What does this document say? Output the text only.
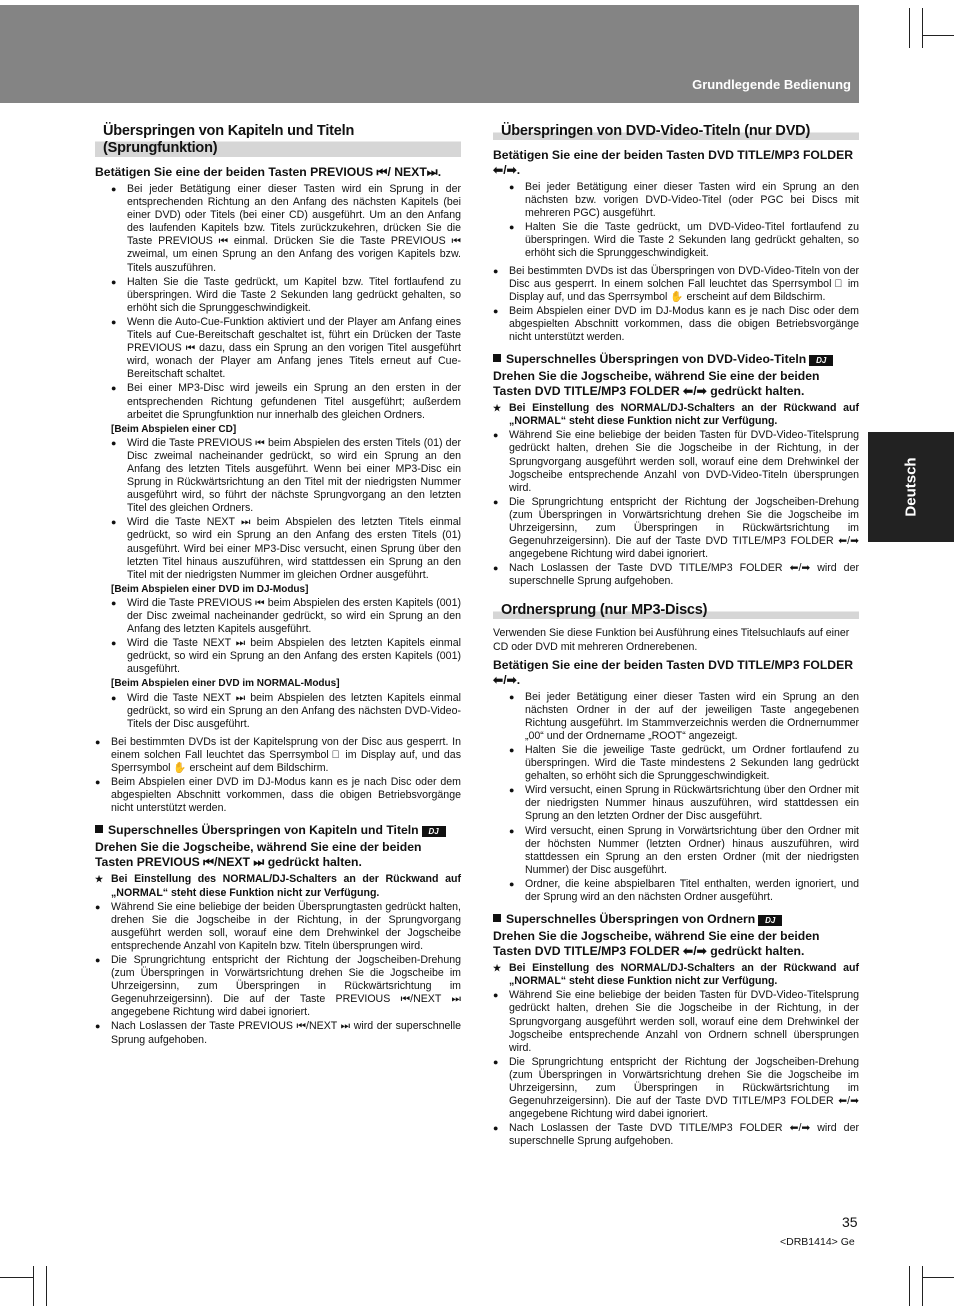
Grundlegende Bedienung
Deutsch
Überspringen von Kapiteln und Titeln (Sprungfunktion)
Betätigen Sie eine der beiden Tasten PREVIOUS ⏮/ NEXT⏭.
● Bei jeder Betätigung einer dieser Tasten wird ein Sprung in der entsprechenden Richtung an den Anfang des nächsten Kapitels (bei einer DVD) oder Titels (bei einer CD) ausgeführt. Um an den Anfang des laufenden Kapitels bzw. Titels zurückzukehren, drücken Sie die Taste PREVIOUS ⏮ einmal. Drücken Sie die Taste PREVIOUS ⏮ zweimal, um einen Sprung an den Anfang des vorigen Kapitels bzw. Titels auszuführen.
● Halten Sie die Taste gedrückt, um Kapitel bzw. Titel fortlaufend zu überspringen. Wird die Taste 2 Sekunden lang gedrückt gehalten, so erhöht sich die Sprunggeschwindigkeit.
● Wenn die Auto-Cue-Funktion aktiviert und der Player am Anfang eines Titels auf Cue-Bereitschaft geschaltet ist, führt ein Drücken der Taste PREVIOUS ⏮ dazu, dass ein Sprung an den vorigen Titel ausgeführt wird, wonach der Player am Anfang jenes Titels erneut auf Cue-Bereitschaft schaltet.
● Bei einer MP3-Disc wird jeweils ein Sprung an den ersten in der entsprechenden Richtung gefundenen Titel ausgeführt; außerdem arbeitet die Sprungfunktion nur innerhalb des gleichen Ordners.
[Beim Abspielen einer CD]
● Wird die Taste PREVIOUS ⏮ beim Abspielen des ersten Titels (01) der Disc zweimal nacheinander gedrückt, so wird ein Sprung an den Anfang des letzten Titels ausgeführt. Wenn bei einer MP3-Disc ein Sprung in Rückwärtsrichtung an den Titel mit der niedrigsten Nummer ausgeführt wird, so führt der nächste Sprungvorgang an den letzten Titel des gleichen Ordners.
● Wird die Taste NEXT ⏭ beim Abspielen des letzten Titels einmal gedrückt, so wird ein Sprung an den Anfang des ersten Titels (01) ausgeführt. Wird bei einer MP3-Disc versucht, einen Sprung über den letzten Titel hinaus auszuführen, wird stattdessen ein Sprung an den Titel mit der niedrigsten Nummer im gleichen Ordner ausgeführt.
[Beim Abspielen einer DVD im DJ-Modus]
● Wird die Taste PREVIOUS ⏮ beim Abspielen des ersten Kapitels (001) der Disc zweimal nacheinander gedrückt, so wird ein Sprung an den Anfang des letzten Kapitels ausgeführt.
● Wird die Taste NEXT ⏭ beim Abspielen des letzten Kapitels einmal gedrückt, so wird ein Sprung an den Anfang des ersten Kapitels (001) ausgeführt.
[Beim Abspielen einer DVD im NORMAL-Modus]
● Wird die Taste NEXT ⏭ beim Abspielen des letzten Kapitels einmal gedrückt, so wird ein Sprung an den Anfang des nächsten DVD-Video-Titels der Disc ausgeführt.
● Bei bestimmten DVDs ist der Kapitelsprung von der Disc aus gesperrt. In einem solchen Fall leuchtet das Sperrsymbol ⃠ im Display auf, und das Sperrsymbol ✋ erscheint auf dem Bildschirm.
● Beim Abspielen einer DVD im DJ-Modus kann es je nach Disc oder dem abgespielten Abschnitt vorkommen, dass die obigen Betriebsvorgänge nicht unterstützt werden.
Superschnelles Überspringen von Kapiteln und Titeln DJ
Drehen Sie die Jogscheibe, während Sie eine der beiden Tasten PREVIOUS ⏮/NEXT ⏭ gedrückt halten.
★ Bei Einstellung des NORMAL/DJ-Schalters an der Rückwand auf „NORMAL“ steht diese Funktion nicht zur Verfügung.
● Während Sie eine beliebige der beiden Übersprungtasten gedrückt halten, drehen Sie die Jogscheibe in der Richtung, in der Sprungvorgang ausgeführt werden soll, worauf eine dem Drehwinkel der Jogscheibe entsprechende Anzahl von Kapiteln bzw. Titeln übersprungen wird.
● Die Sprungrichtung entspricht der Richtung der Jogscheiben-Drehung (zum Überspringen in Vorwärtsrichtung drehen Sie die Jogscheibe im Uhrzeigersinn, zum Überspringen in Rückwärtsrichtung im Gegenuhrzeigersinn). Die auf der Taste PREVIOUS ⏮/NEXT ⏭ angegebene Richtung wird dabei ignoriert.
● Nach Loslassen der Taste PREVIOUS ⏮/NEXT ⏭ wird der superschnelle Sprung aufgehoben.
Überspringen von DVD-Video-Titeln (nur DVD)
Betätigen Sie eine der beiden Tasten DVD TITLE/MP3 FOLDER ⬅/➡.
● Bei jeder Betätigung einer dieser Tasten wird ein Sprung an den nächsten bzw. vorigen DVD-Video-Titel (oder PGC bei Discs mit mehreren PGC) ausgeführt.
● Halten Sie die Taste gedrückt, um DVD-Video-Titel fortlaufend zu überspringen. Wird die Taste 2 Sekunden lang gedrückt gehalten, so erhöht sich die Sprunggeschwindigkeit.
● Bei bestimmten DVDs ist das Überspringen von DVD-Video-Titeln von der Disc aus gesperrt. In einem solchen Fall leuchtet das Sperrsymbol ⃠ im Display auf, und das Sperrsymbol ✋ erscheint auf dem Bildschirm.
● Beim Abspielen einer DVD im DJ-Modus kann es je nach Disc oder dem abgespielten Abschnitt vorkommen, dass die obigen Betriebsvorgänge nicht unterstützt werden.
Superschnelles Überspringen von DVD-Video-Titeln DJ
Drehen Sie die Jogscheibe, während Sie eine der beiden Tasten DVD TITLE/MP3 FOLDER ⬅/➡ gedrückt halten.
★ Bei Einstellung des NORMAL/DJ-Schalters an der Rückwand auf „NORMAL“ steht diese Funktion nicht zur Verfügung.
● Während Sie eine beliebige der beiden Tasten für DVD-Video-Titelsprung gedrückt halten, drehen Sie die Jogscheibe in der Richtung, in der Sprungvorgang ausgeführt werden soll, worauf eine dem Drehwinkel der Jogscheibe entsprechende Anzahl von DVD-Video-Titeln übersprungen wird.
● Die Sprungrichtung entspricht der Richtung der Jogscheiben-Drehung (zum Überspringen in Vorwärtsrichtung drehen Sie die Jogscheibe im Uhrzeigersinn, zum Überspringen in Rückwärtsrichtung im Gegenuhrzeigersinn). Die auf der Taste DVD TITLE/MP3 FOLDER ⬅/➡ angegebene Richtung wird dabei ignoriert.
● Nach Loslassen der Taste DVD TITLE/MP3 FOLDER ⬅/➡ wird der superschnelle Sprung aufgehoben.
Ordnersprung (nur MP3-Discs)
Verwenden Sie diese Funktion bei Ausführung eines Titelsuchlaufs auf einer CD oder DVD mit mehreren Ordnerebenen.
Betätigen Sie eine der beiden Tasten DVD TITLE/MP3 FOLDER ⬅/➡.
● Bei jeder Betätigung einer dieser Tasten wird ein Sprung an den nächsten Ordner in der auf der jeweiligen Taste angegebenen Richtung ausgeführt. Im Stammverzeichnis werden die Ordnernummer „00“ und der Ordnername „ROOT“ angezeigt.
● Halten Sie die jeweilige Taste gedrückt, um Ordner fortlaufend zu überspringen. Wird die Taste mindestens 2 Sekunden lang gedrückt gehalten, so erhöht sich die Sprunggeschwindigkeit.
● Wird versucht, einen Sprung in Rückwärtsrichtung über den Ordner mit der niedrigsten Nummer hinaus auszuführen, wird stattdessen ein Sprung an den letzten Ordner der Disc ausgeführt.
● Wird versucht, einen Sprung in Vorwärtsrichtung über den Ordner mit der höchsten Nummer (letzten Ordner) hinaus auszuführen, wird stattdessen ein Sprung an den ersten Ordner (mit der niedrigsten Nummer) der Disc ausgeführt.
● Ordner, die keine abspielbaren Titel enthalten, werden ignoriert, und der Sprung wird an den nächsten Ordner ausgeführt.
Superschnelles Überspringen von Ordnern DJ
Drehen Sie die Jogscheibe, während Sie eine der beiden Tasten DVD TITLE/MP3 FOLDER ⬅/➡ gedrückt halten.
★ Bei Einstellung des NORMAL/DJ-Schalters an der Rückwand auf „NORMAL“ steht diese Funktion nicht zur Verfügung.
● Während Sie eine beliebige der beiden Tasten für DVD-Video-Titelsprung gedrückt halten, drehen Sie die Jogscheibe in der Richtung, in der Sprungvorgang ausgeführt werden soll, worauf eine dem Drehwinkel der Jogscheibe entsprechende Anzahl von Ordnern schnell übersprungen wird.
● Die Sprungrichtung entspricht der Richtung der Jogscheiben-Drehung (zum Überspringen in Vorwärtsrichtung drehen Sie die Jogscheibe im Uhrzeigersinn, zum Überspringen in Rückwärtsrichtung im Gegenuhrzeigersinn). Die auf der Taste DVD TITLE/MP3 FOLDER ⬅/➡ angegebene Richtung wird dabei ignoriert.
● Nach Loslassen der Taste DVD TITLE/MP3 FOLDER ⬅/➡ wird der superschnelle Sprung aufgehoben.
35
<DRB1414> Ge
